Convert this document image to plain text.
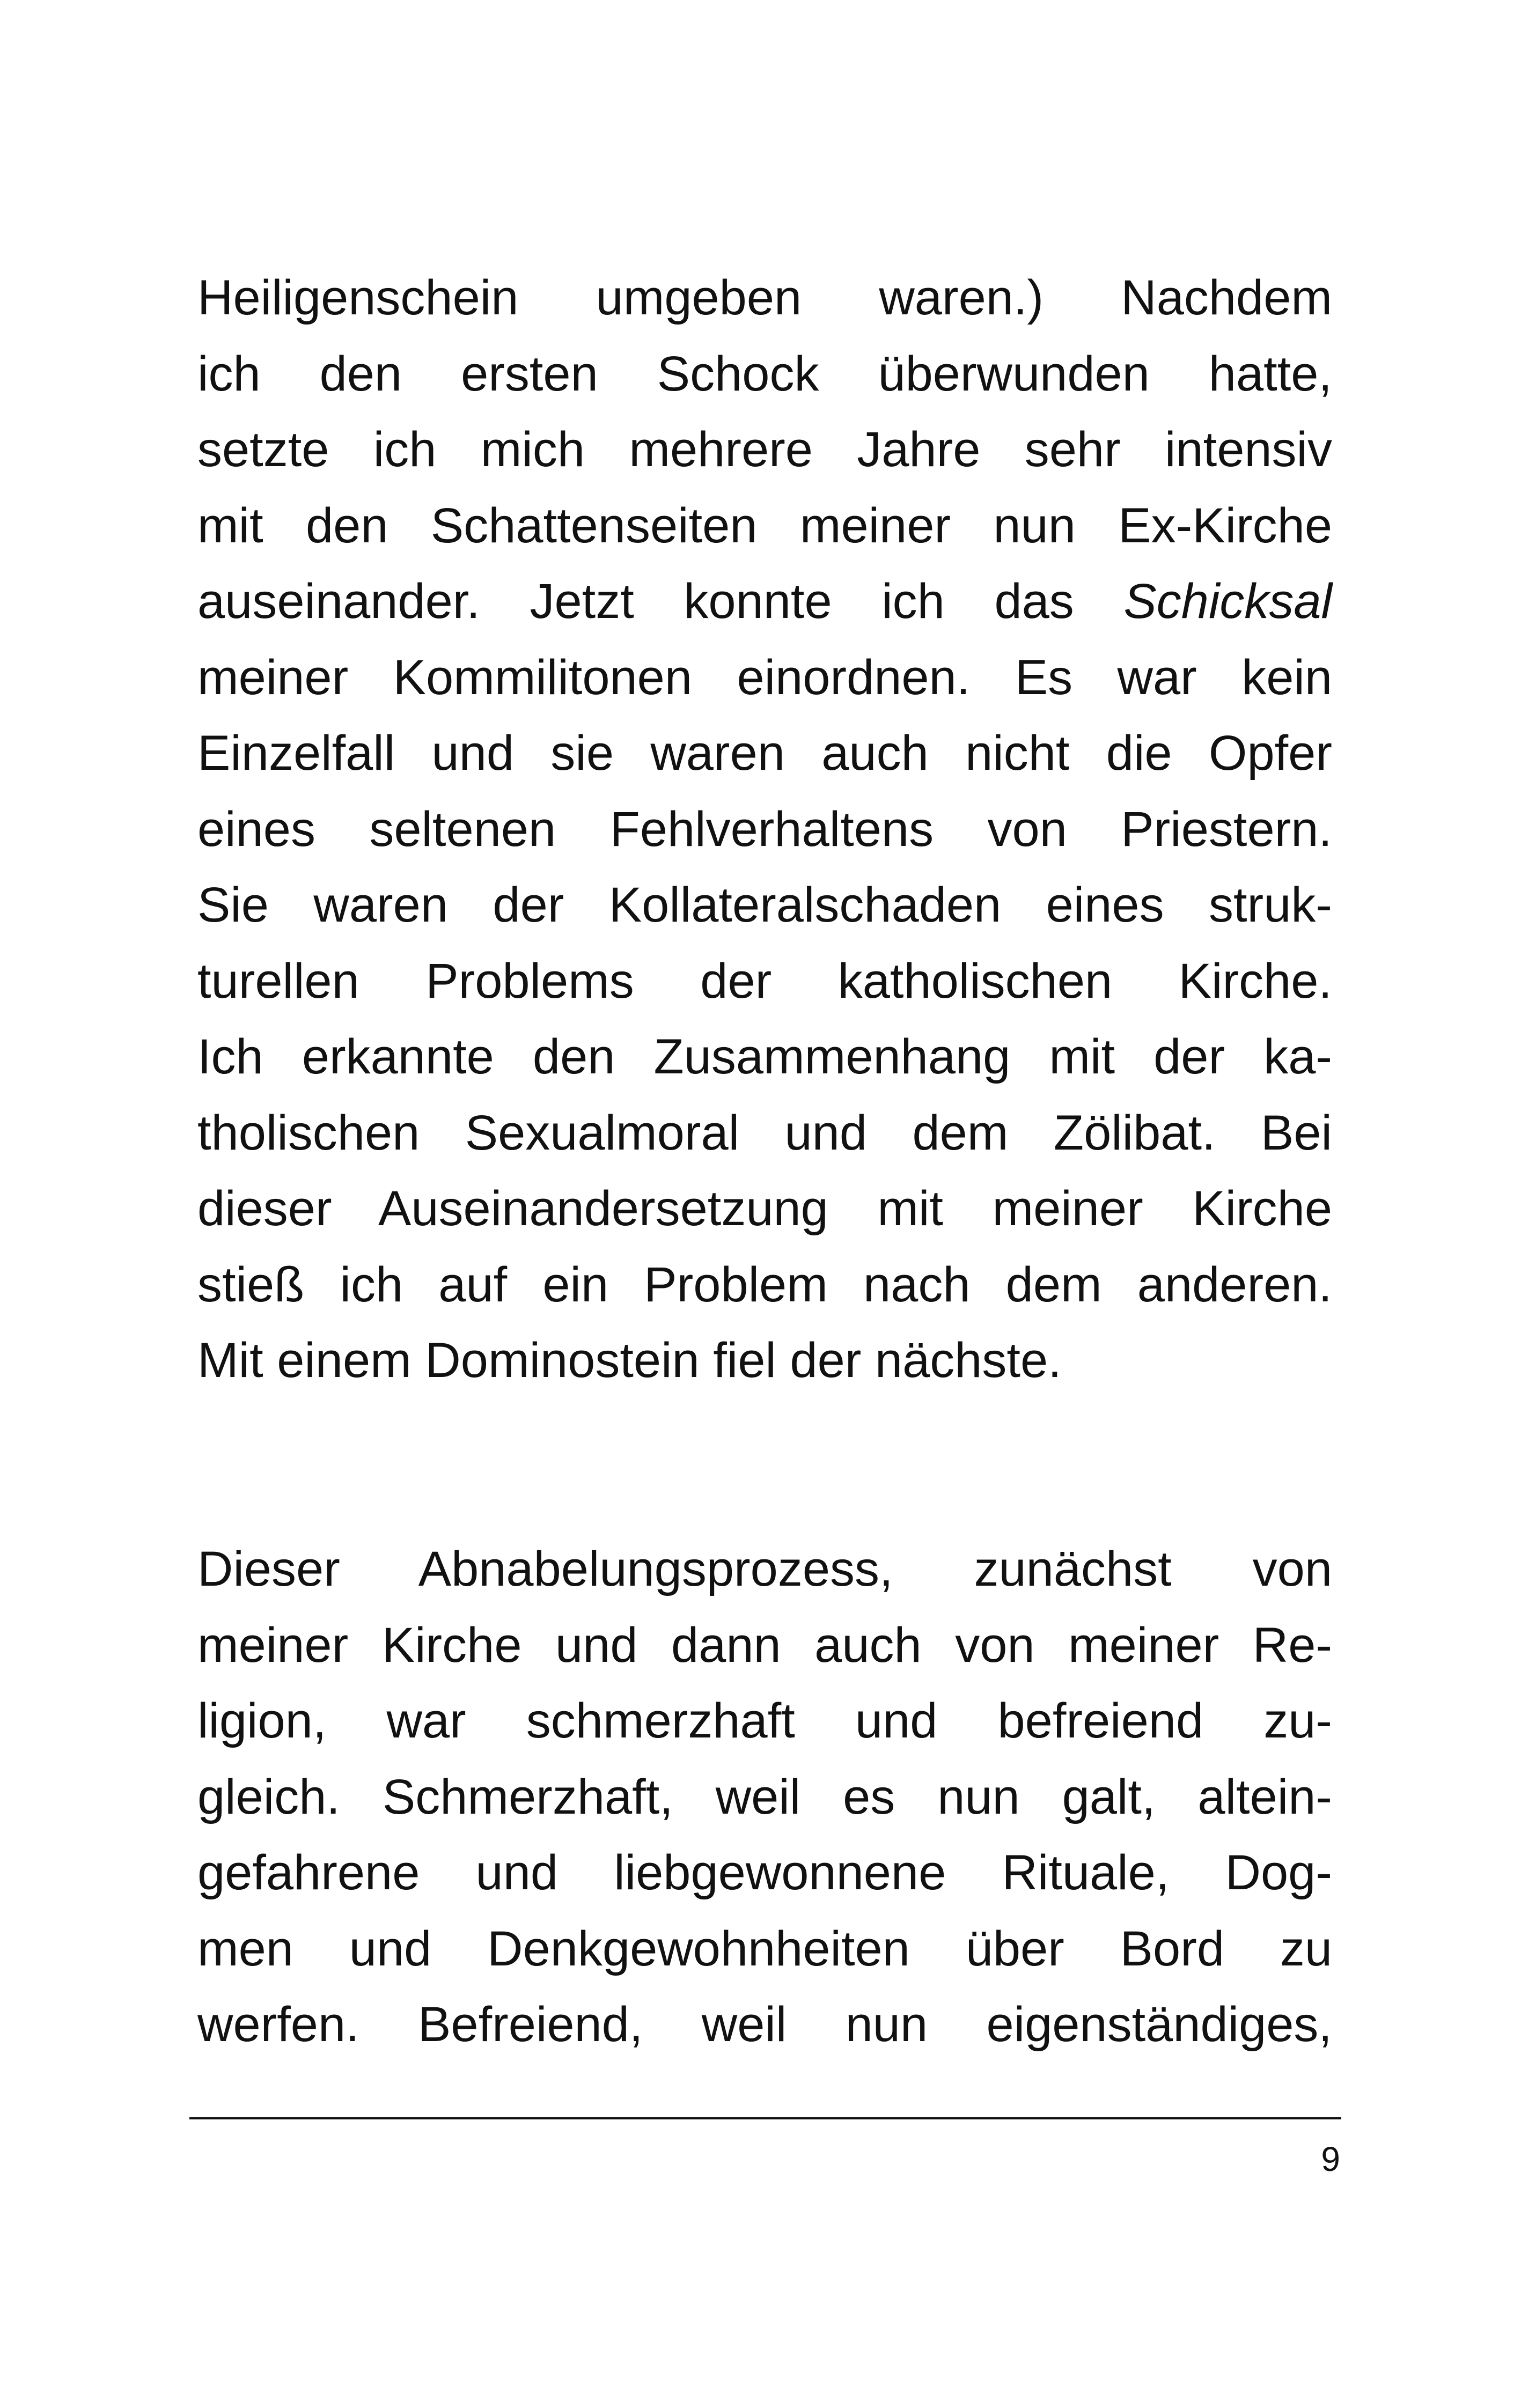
Heiligenschein umgeben waren.) Nachdem
ich den ersten Schock überwunden hatte,
setzte ich mich mehrere Jahre sehr intensiv
mit den Schattenseiten meiner nun Ex-Kirche
auseinander. Jetzt konnte ich das Schicksal
meiner Kommilitonen einordnen. Es war kein
Einzelfall und sie waren auch nicht die Opfer
eines seltenen Fehlverhaltens von Priestern.
Sie waren der Kollateralschaden eines struk-
turellen Problems der katholischen Kirche.
Ich erkannte den Zusammenhang mit der ka-
tholischen Sexualmoral und dem Zölibat. Bei
dieser Auseinandersetzung mit meiner Kirche
stieß ich auf ein Problem nach dem anderen.
Mit einem Dominostein fiel der nächste.
Dieser Abnabelungsprozess, zunächst von
meiner Kirche und dann auch von meiner Re-
ligion, war schmerzhaft und befreiend zu-
gleich. Schmerzhaft, weil es nun galt, altein-
gefahrene und liebgewonnene Rituale, Dog-
men und Denkgewohnheiten über Bord zu
werfen. Befreiend, weil nun eigenständiges,
9
